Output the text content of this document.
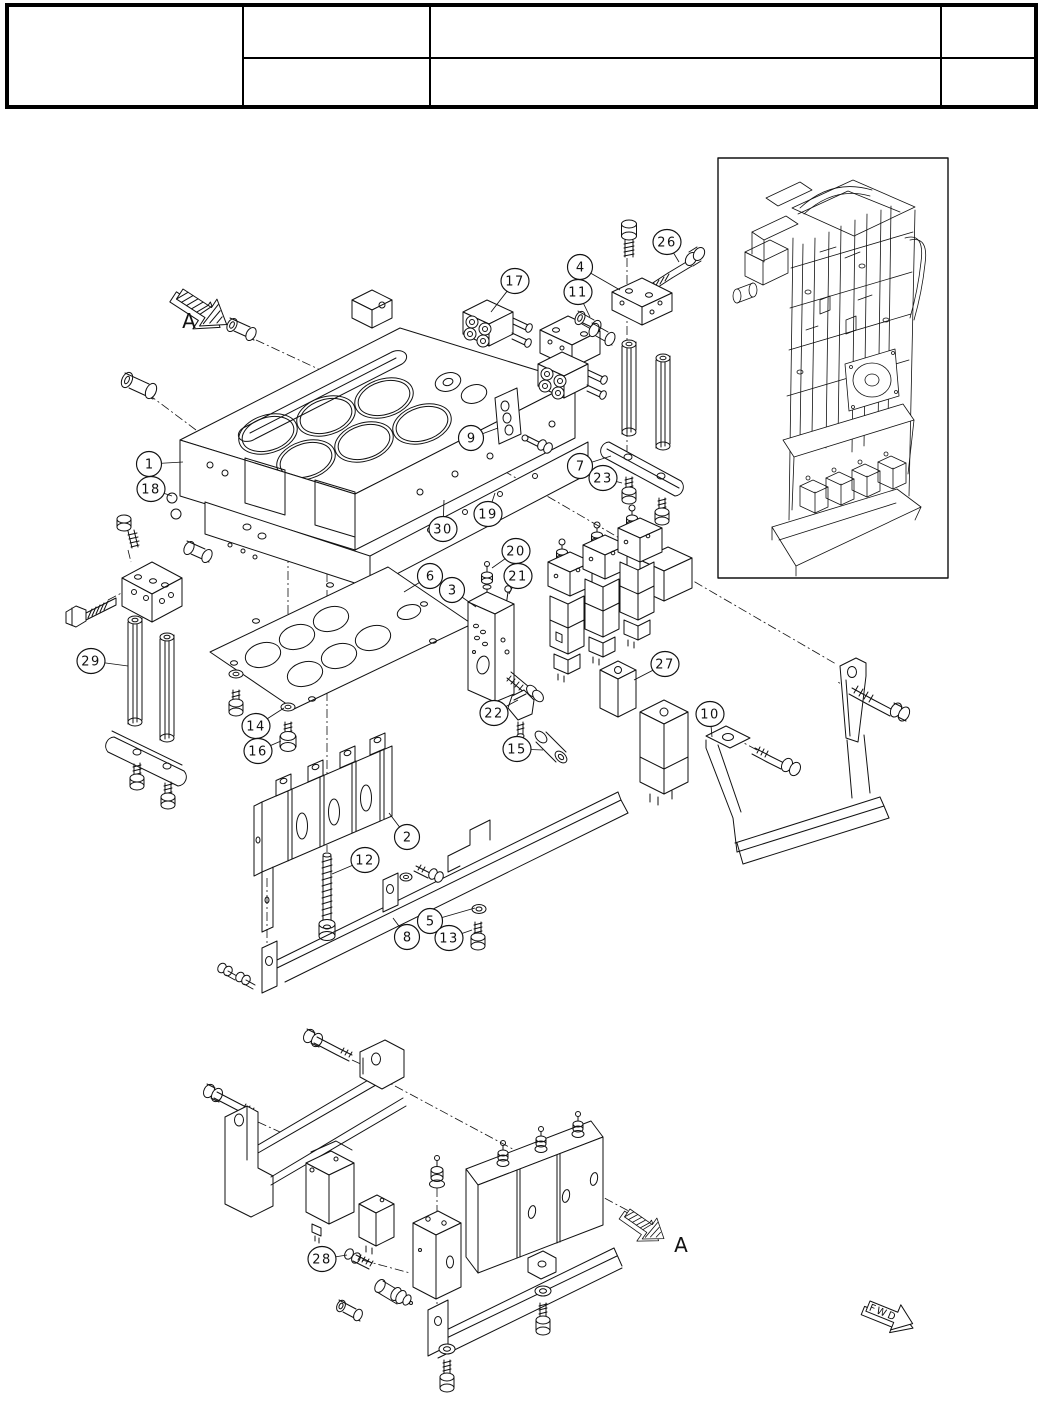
A
A
FWD
1
18
17
4
11
26
9
7
23
19
30
20
21
6
3
29
14
16
22
15
27
10
2
12
8
5
13
28
